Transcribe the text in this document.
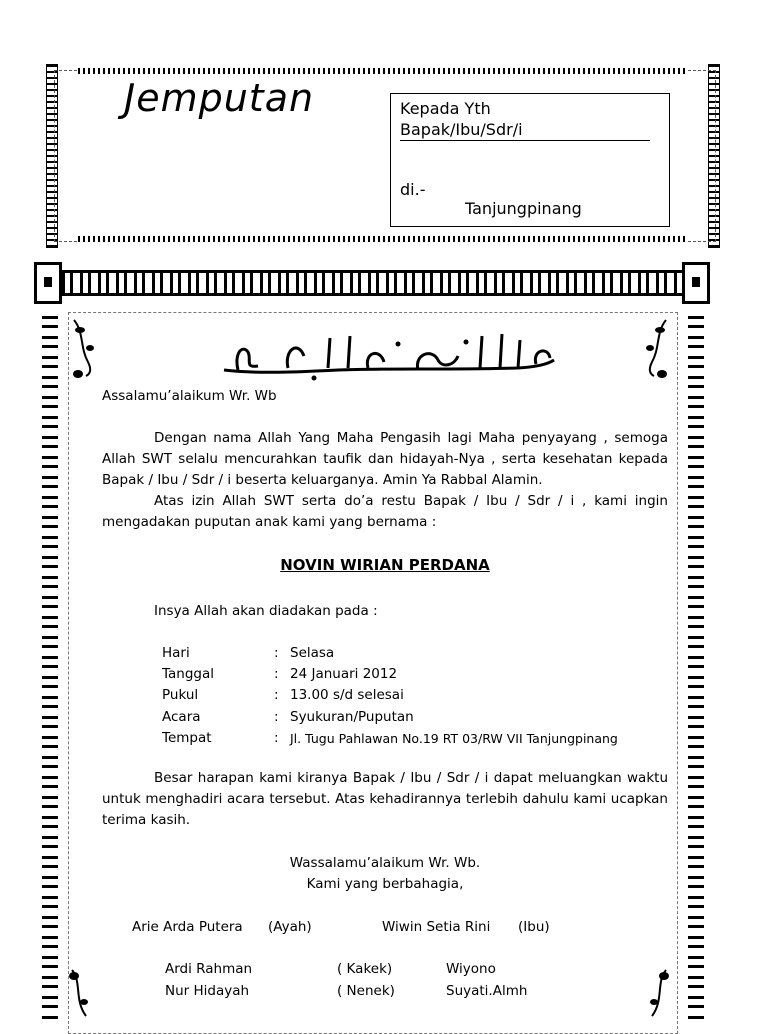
Jemputan	Kepada Yth
Bapak/Ibu/Sdr/i
di.-
Tanjungpinang
Assalamu’alaikum Wr. Wb
Dengan nama Allah Yang Maha Pengasih lagi Maha penyayang , semoga Allah SWT selalu mencurahkan taufik dan hidayah-Nya , serta kesehatan kepada Bapak / Ibu / Sdr / i beserta keluarganya. Amin Ya Rabbal Alamin.
Atas izin Allah SWT serta do’a restu Bapak / Ibu / Sdr / i , kami ingin mengadakan puputan anak kami yang bernama :
NOVIN WIRIAN PERDANA
Insya Allah akan diadakan pada :
Hari	: Selasa
Tanggal	: 24 Januari 2012
Pukul	: 13.00 s/d selesai
Acara	: Syukuran/Puputan
Tempat	: Jl. Tugu Pahlawan No.19 RT 03/RW VII Tanjungpinang
Besar harapan kami kiranya Bapak / Ibu / Sdr / i dapat meluangkan waktu untuk menghadiri acara tersebut. Atas kehadirannya terlebih dahulu kami ucapkan terima kasih.
Wassalamu’alaikum Wr. Wb.
Kami yang berbahagia,
Arie Arda Putera (Ayah)	Wiwin Setia Rini (Ibu)
Ardi Rahman	( Kakek)	Wiyono
Nur Hidayah	( Nenek)	Suyati.Almh
